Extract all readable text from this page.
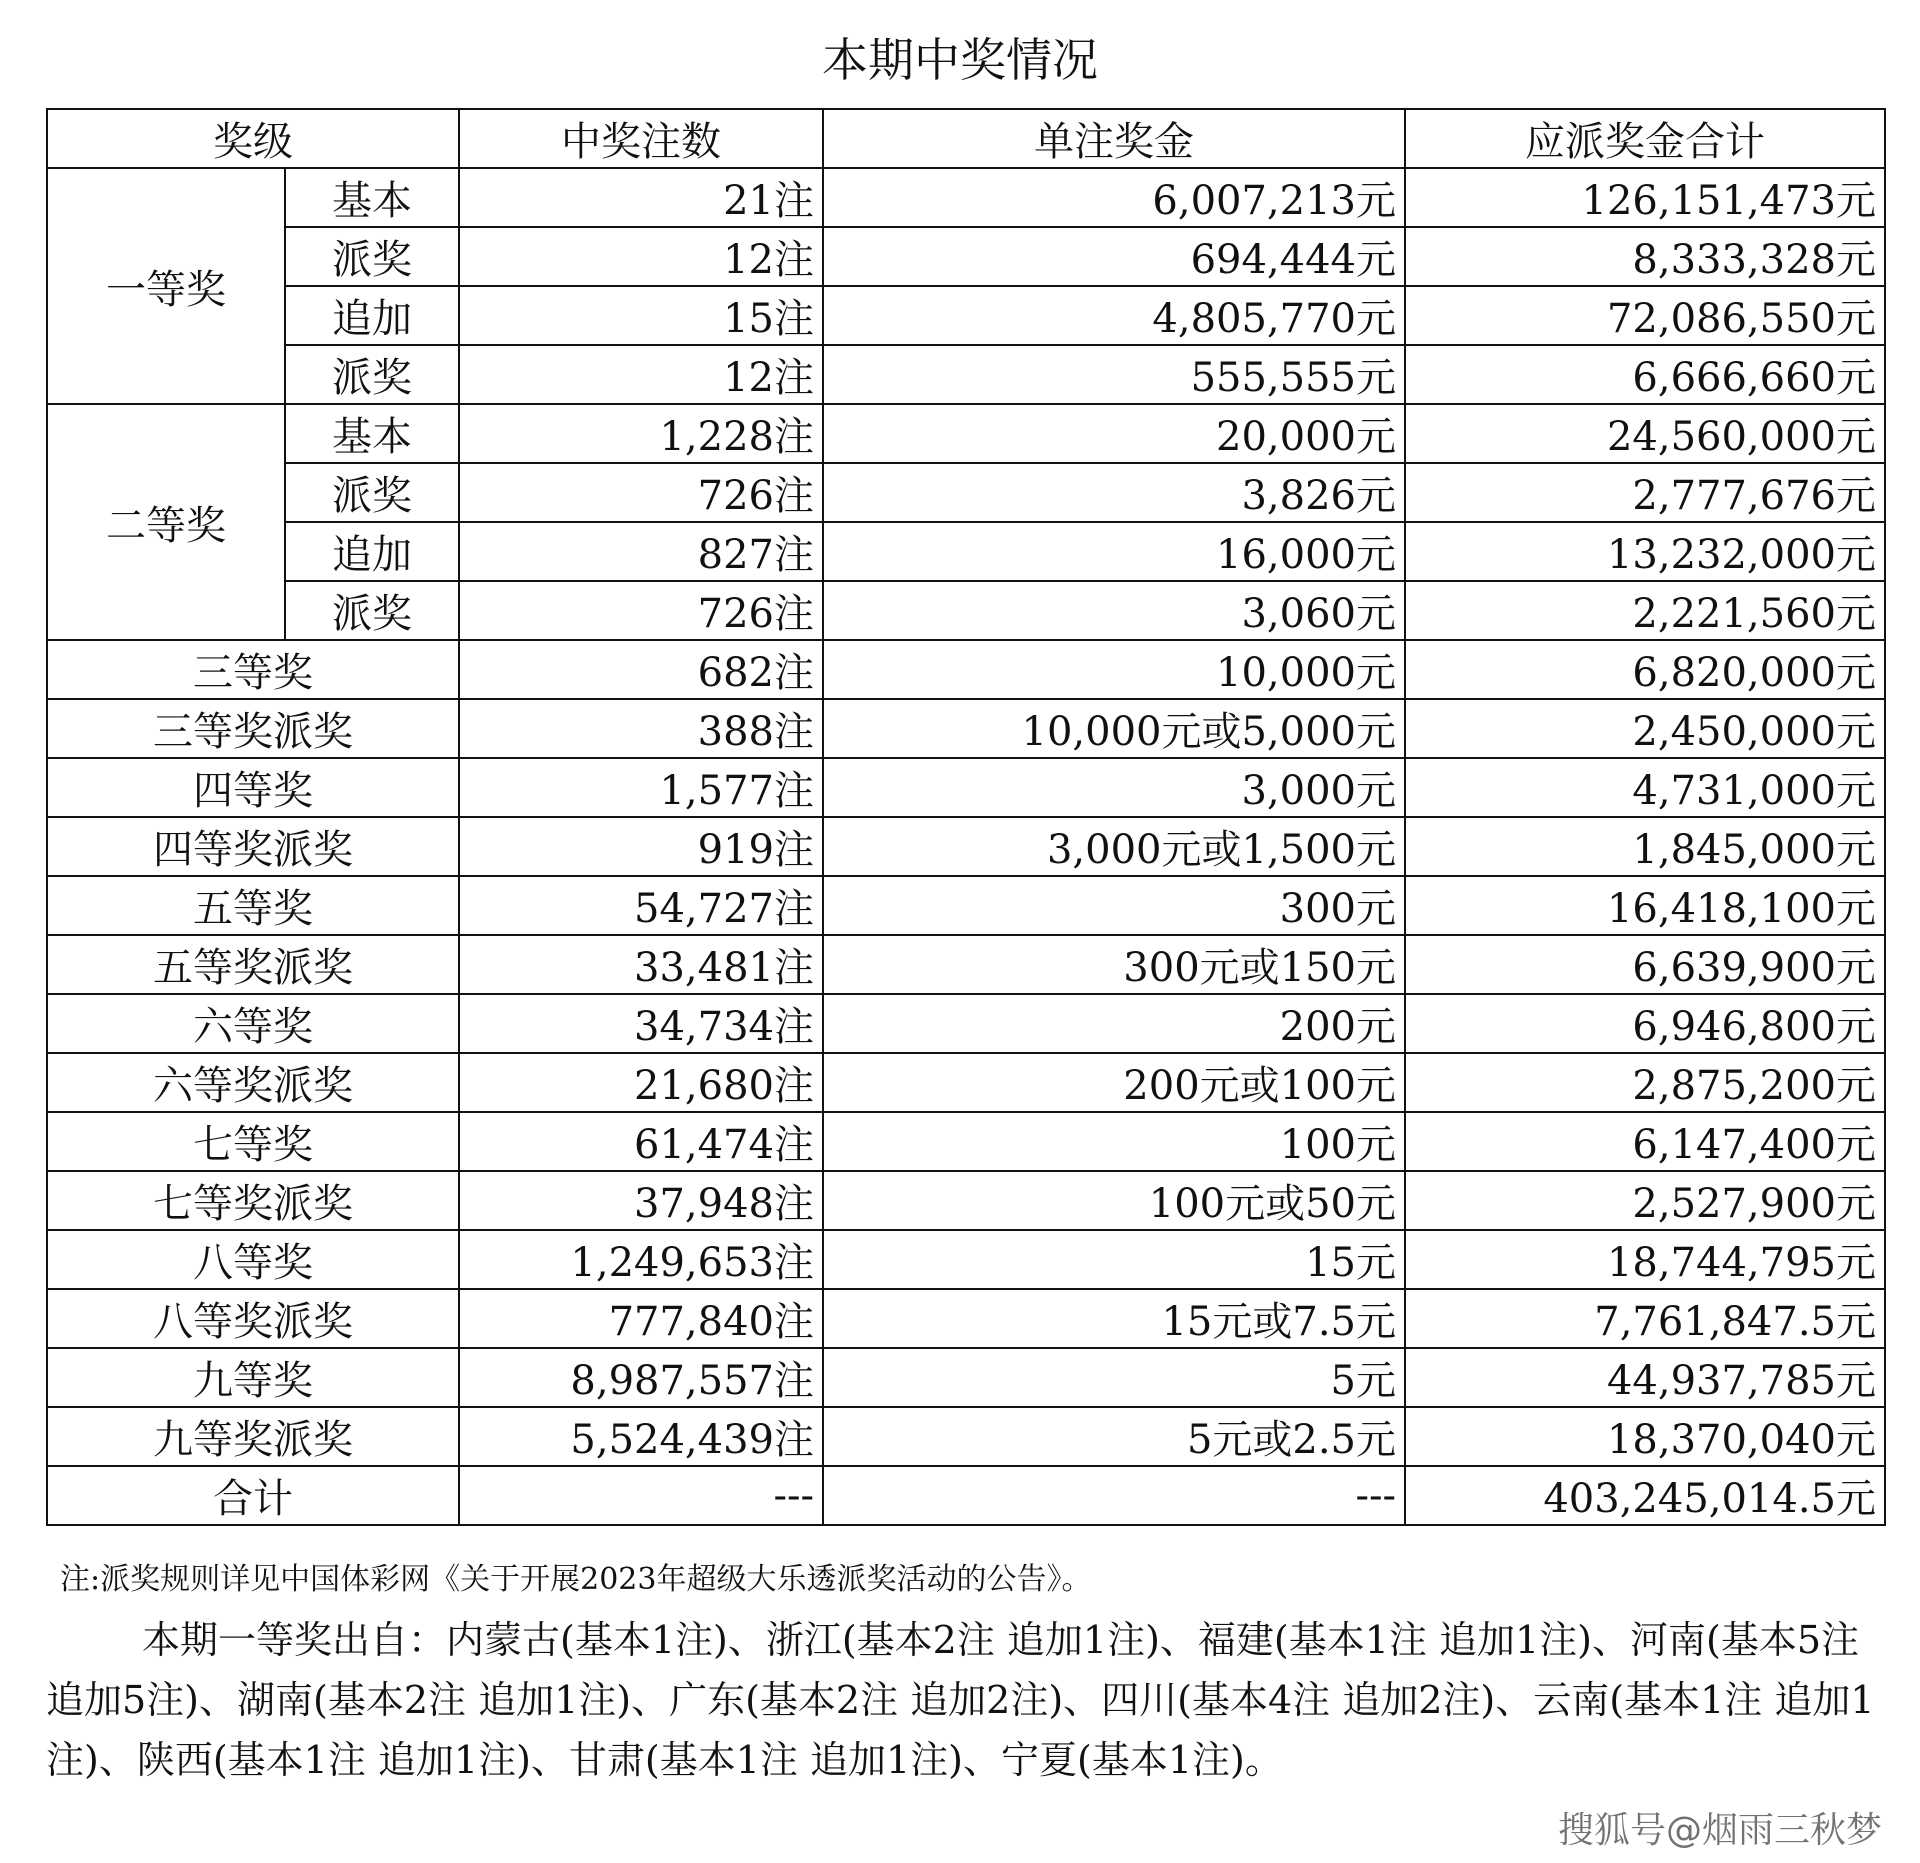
本期中奖情况
奖级		中奖注数	单注奖金	应派奖金合计
一等奖	基本	21注	6,007,213元	126,151,473元
	派奖	12注	694,444元	8,333,328元
	追加	15注	4,805,770元	72,086,550元
	派奖	12注	555,555元	6,666,660元
二等奖	基本	1,228注	20,000元	24,560,000元
	派奖	726注	3,826元	2,777,676元
	追加	827注	16,000元	13,232,000元
	派奖	726注	3,060元	2,221,560元
三等奖		682注	10,000元	6,820,000元
三等奖派奖		388注	10,000元或5,000元	2,450,000元
四等奖		1,577注	3,000元	4,731,000元
四等奖派奖		919注	3,000元或1,500元	1,845,000元
五等奖		54,727注	300元	16,418,100元
五等奖派奖		33,481注	300元或150元	6,639,900元
六等奖		34,734注	200元	6,946,800元
六等奖派奖		21,680注	200元或100元	2,875,200元
七等奖		61,474注	100元	6,147,400元
七等奖派奖		37,948注	100元或50元	2,527,900元
八等奖		1,249,653注	15元	18,744,795元
八等奖派奖		777,840注	15元或7.5元	7,761,847.5元
九等奖		8,987,557注	5元	44,937,785元
九等奖派奖		5,524,439注	5元或2.5元	18,370,040元
合计		---	---	403,245,014.5元
注:派奖规则详见中国体彩网《关于开展2023年超级大乐透派奖活动的公告》。
本期一等奖出自：内蒙古(基本1注)、浙江(基本2注 追加1注)、福建(基本1注 追加1注)、河南(基本5注 追加5注)、湖南(基本2注 追加1注)、广东(基本2注 追加2注)、四川(基本4注 追加2注)、云南(基本1注 追加1注)、陕西(基本1注 追加1注)、甘肃(基本1注 追加1注)、宁夏(基本1注)。
搜狐号@烟雨三秋梦
